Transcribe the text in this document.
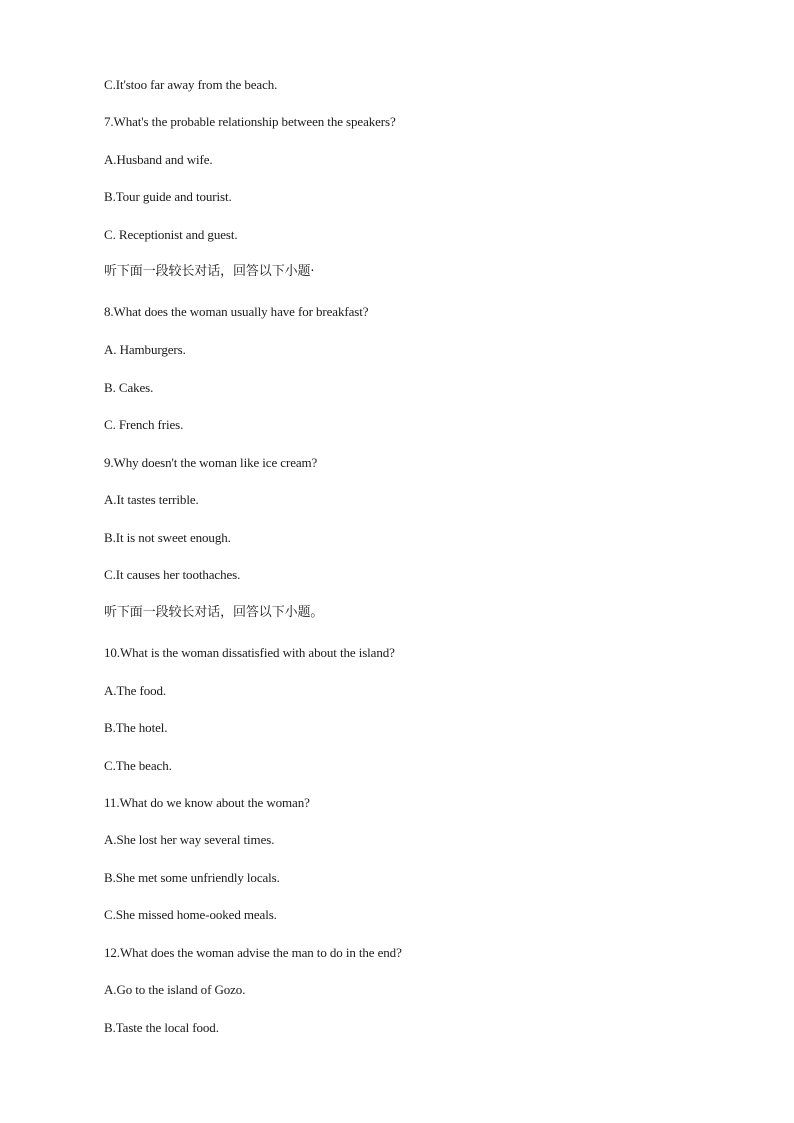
C.It'stoo far away from the beach.
7.What's the probable relationship between the speakers?
A.Husband and wife.
B.Tour guide and tourist.
C. Receptionist and guest.
听下面一段较长对话，回答以下小题·
8.What does the woman usually have for breakfast?
A. Hamburgers.
B. Cakes.
C. French fries.
9.Why doesn't the woman like ice cream?
A.It tastes terrible.
B.It is not sweet enough.
C.It causes her toothaches.
听下面一段较长对话，回答以下小题。
10.What is the woman dissatisfied with about the island?
A.The food.
B.The hotel.
C.The beach.
11.What do we know about the woman?
A.She lost her way several times.
B.She met some unfriendly locals.
C.She missed home-ooked meals.
12.What does the woman advise the man to do in the end?
A.Go to the island of Gozo.
B.Taste the local food.
